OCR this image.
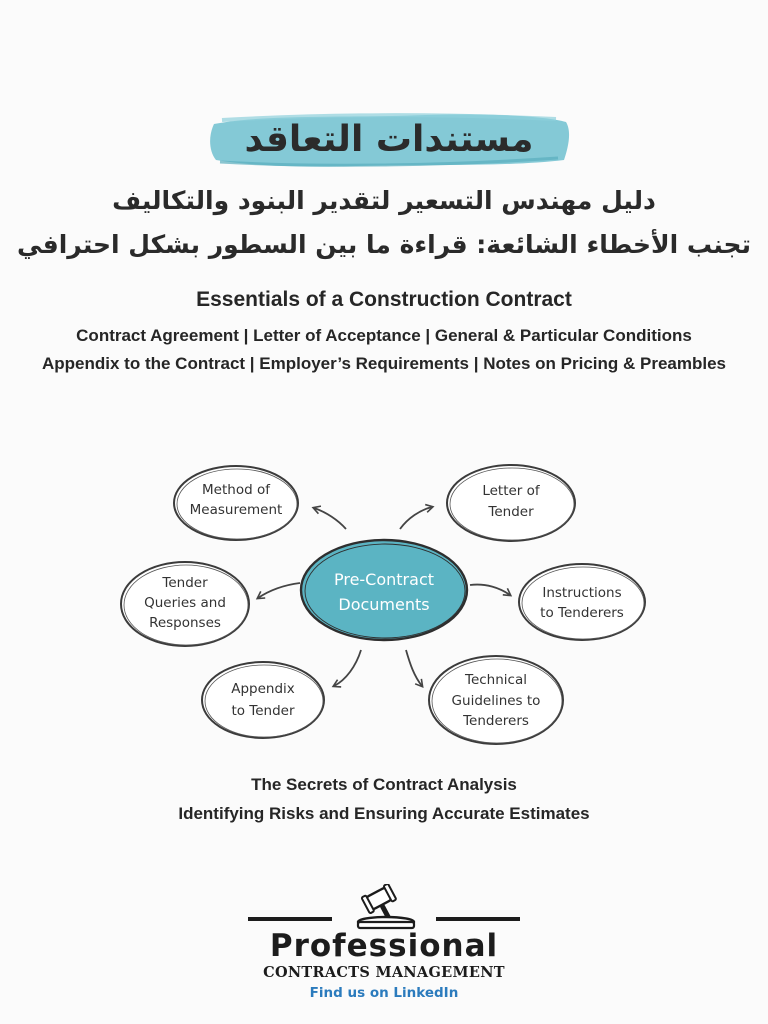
مستندات التعاقد
دليل مهندس التسعير لتقدير البنود والتكاليف
تجنب الأخطاء الشائعة: قراءة ما بين السطور بشكل احترافي
Essentials of a Construction Contract
Contract Agreement | Letter of Acceptance | General & Particular Conditions
Appendix to the Contract | Employer’s Requirements | Notes on Pricing & Preambles
Method of
Measurement
Letter of
Tender
Tender
Queries and
Responses
Instructions
to Tenderers
Appendix
to Tender
Technical
Guidelines to
Tenderers
Pre-Contract
Documents
The Secrets of Contract Analysis
Identifying Risks and Ensuring Accurate Estimates
Professional
CONTRACTS MANAGEMENT
Find us on LinkedIn
